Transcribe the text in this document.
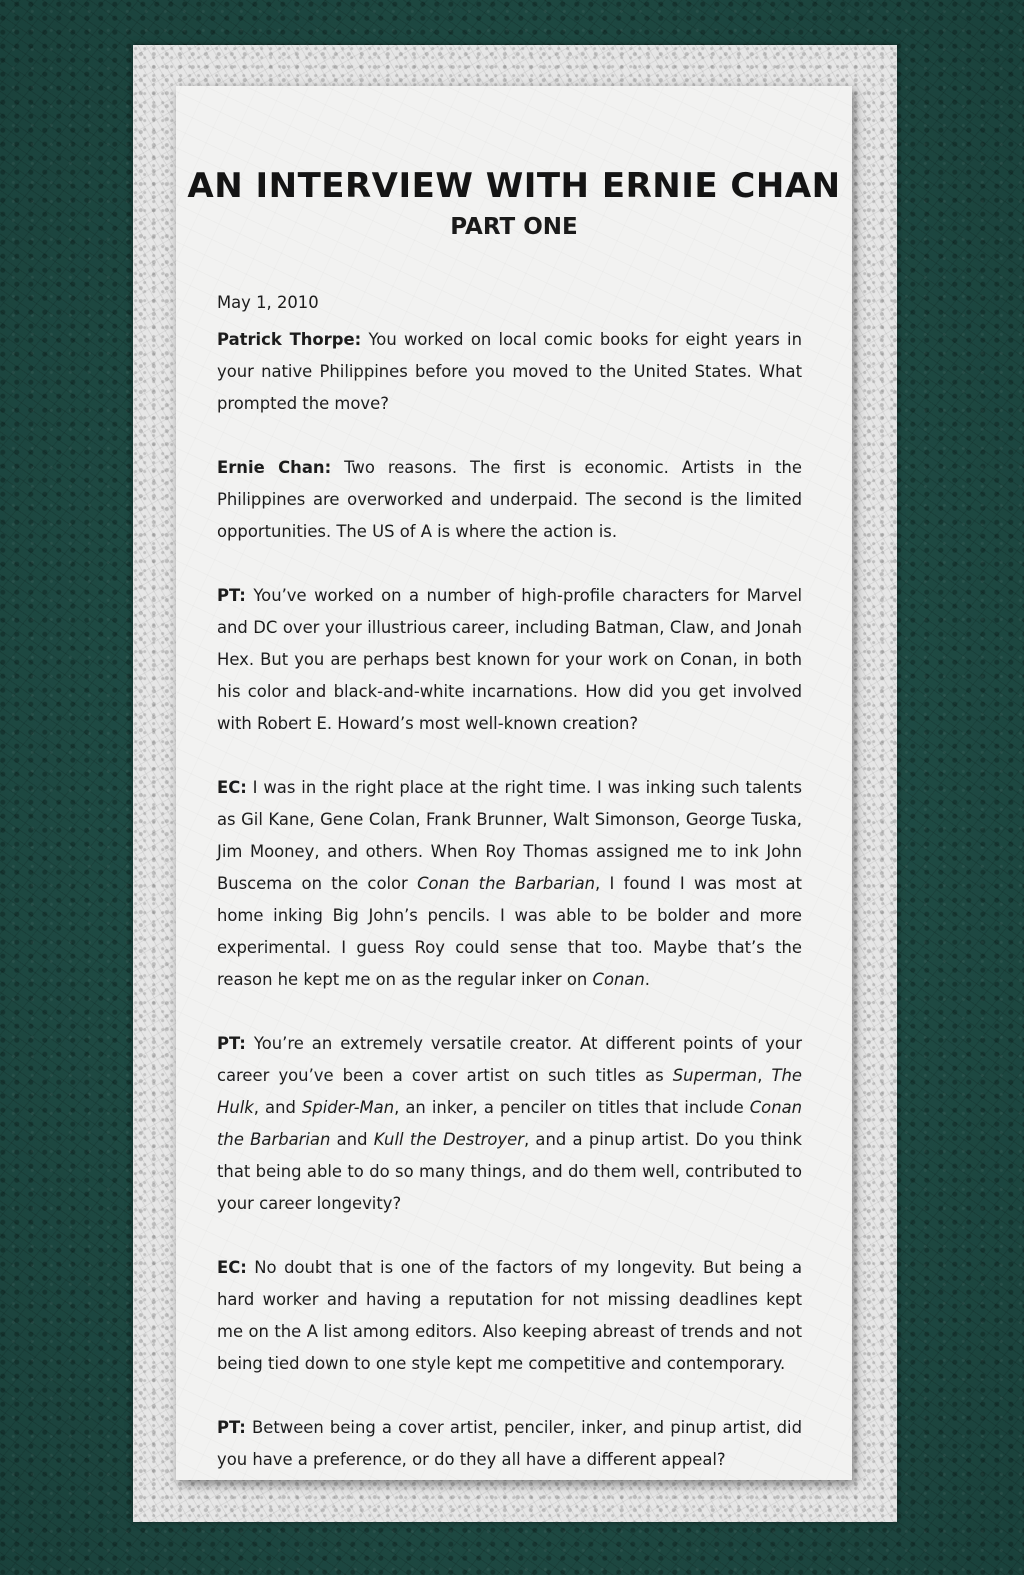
AN INTERVIEW WITH ERNIE CHAN
PART ONE

May 1, 2010

Patrick Thorpe: You worked on local comic books for eight years in your native Philippines before you moved to the United States. What prompted the move?

Ernie Chan: Two reasons. The first is economic. Artists in the Philippines are overworked and underpaid. The second is the limited opportunities. The US of A is where the action is.

PT: You’ve worked on a number of high-profile characters for Marvel and DC over your illustrious career, including Batman, Claw, and Jonah Hex. But you are perhaps best known for your work on Conan, in both his color and black-and-white incarnations. How did you get involved with Robert E. Howard’s most well-known creation?

EC: I was in the right place at the right time. I was inking such talents as Gil Kane, Gene Colan, Frank Brunner, Walt Simonson, George Tuska, Jim Mooney, and others. When Roy Thomas assigned me to ink John Buscema on the color Conan the Barbarian, I found I was most at home inking Big John’s pencils. I was able to be bolder and more experimental. I guess Roy could sense that too. Maybe that’s the reason he kept me on as the regular inker on Conan.

PT: You’re an extremely versatile creator. At different points of your career you’ve been a cover artist on such titles as Superman, The Hulk, and Spider-Man, an inker, a penciler on titles that include Conan the Barbarian and Kull the Destroyer, and a pinup artist. Do you think that being able to do so many things, and do them well, contributed to your career longevity?

EC: No doubt that is one of the factors of my longevity. But being a hard worker and having a reputation for not missing deadlines kept me on the A list among editors. Also keeping abreast of trends and not being tied down to one style kept me competitive and contemporary.

PT: Between being a cover artist, penciler, inker, and pinup artist, did you have a preference, or do they all have a different appeal?
